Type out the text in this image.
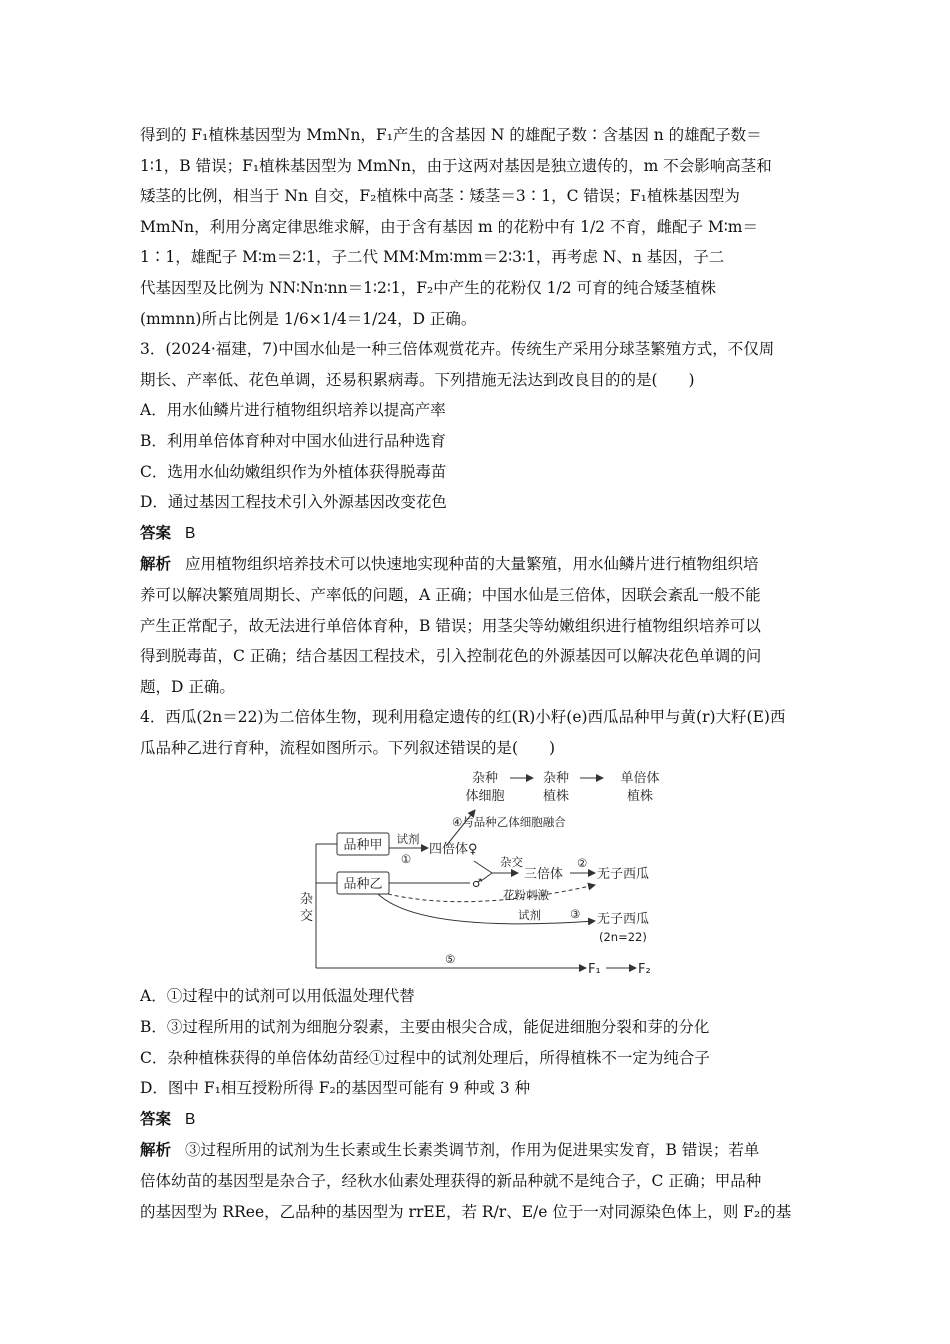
得到的 F₁植株基因型为 MmNn，F₁产生的含基因 N 的雄配子数∶含基因 n 的雄配子数＝

1∶1，B 错误；F₁植株基因型为 MmNn，由于这两对基因是独立遗传的，m 不会影响高茎和

矮茎的比例，相当于 Nn 自交，F₂植株中高茎∶矮茎＝3∶1，C 错误；F₁植株基因型为

MmNn，利用分离定律思维求解，由于含有基因 m 的花粉中有 1/2 不育，雌配子 M∶m＝

1∶1，雄配子 M∶m＝2∶1，子二代 MM∶Mm∶mm＝2∶3∶1，再考虑 N、n 基因，子二

代基因型及比例为 NN∶Nn∶nn＝1∶2∶1，F₂中产生的花粉仅 1/2 可育的纯合矮茎植株

(mmnn)所占比例是 1/6×1/4＝1/24，D 正确。

3．(2024·福建，7)中国水仙是一种三倍体观赏花卉。传统生产采用分球茎繁殖方式，不仅周

期长、产率低、花色单调，还易积累病毒。下列措施无法达到改良目的的是(　　)

A．用水仙鳞片进行植物组织培养以提高产率

B．利用单倍体育种对中国水仙进行品种选育

C．选用水仙幼嫩组织作为外植体获得脱毒苗

D．通过基因工程技术引入外源基因改变花色

答案 B

解析 应用植物组织培养技术可以快速地实现种苗的大量繁殖，用水仙鳞片进行植物组织培

养可以解决繁殖周期长、产率低的问题，A 正确；中国水仙是三倍体，因联会紊乱一般不能

产生正常配子，故无法进行单倍体育种，B 错误；用茎尖等幼嫩组织进行植物组织培养可以

得到脱毒苗，C 正确；结合基因工程技术，引入控制花色的外源基因可以解决花色单调的问

题，D 正确。

4．西瓜(2n＝22)为二倍体生物，现利用稳定遗传的红(R)小籽(e)西瓜品种甲与黄(r)大籽(E)西

瓜品种乙进行育种，流程如图所示。下列叙述错误的是(　　)

杂种
体细胞
杂种
植株
单倍体
植株
④与品种乙体细胞融合
品种甲
品种乙
试剂
①
四倍体♀
♂
杂交
三倍体
②
无子西瓜
花粉刺激
试剂	③ 无子西瓜
(2n=22)
杂
交
⑤
F₁	F₂

A．①过程中的试剂可以用低温处理代替

B．③过程所用的试剂为细胞分裂素，主要由根尖合成，能促进细胞分裂和芽的分化

C．杂种植株获得的单倍体幼苗经①过程中的试剂处理后，所得植株不一定为纯合子

D．图中 F₁相互授粉所得 F₂的基因型可能有 9 种或 3 种

答案 B

解析 ③过程所用的试剂为生长素或生长素类调节剂，作用为促进果实发育，B 错误；若单

倍体幼苗的基因型是杂合子，经秋水仙素处理获得的新品种就不是纯合子，C 正确；甲品种

的基因型为 RRee，乙品种的基因型为 rrEE，若 R/r、E/e 位于一对同源染色体上，则 F₂的基
